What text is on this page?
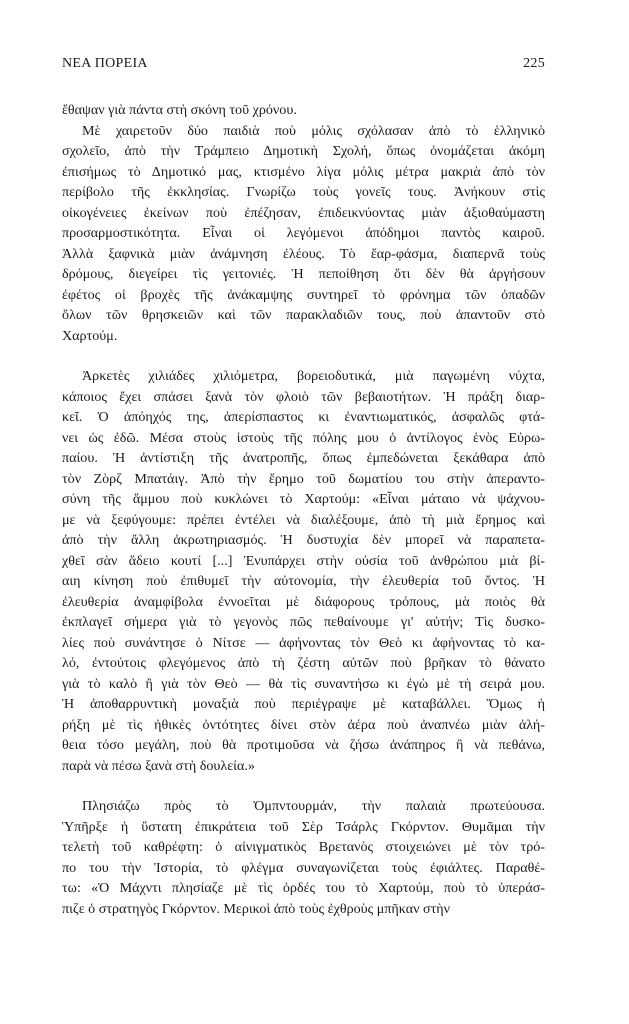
ΝΕΑ ΠΟΡΕΙΑ	225
ἔθαψαν γιὰ πάντα στὴ σκόνη τοῦ χρόνου.
Μὲ χαιρετοῦν δύο παιδιὰ ποὺ μόλις σχόλασαν ἀπὸ τὸ ἑλληνικὸ
σχολεῖο, ἀπὸ τὴν Τράμπειο Δημοτικὴ Σχολή, ὅπως ὀνομάζεται ἀκόμη
ἐπισήμως τὸ Δημοτικό μας, κτισμένο λίγα μόλις μέτρα μακριὰ ἀπὸ τὸν
περίβολο τῆς ἐκκλησίας. Γνωρίζω τοὺς γονεῖς τους. Ἀνήκουν στὶς
οἰκογένειες ἐκείνων ποὺ ἐπέζησαν, ἐπιδεικνύοντας μιὰν ἀξιοθαύμαστη
προσαρμοστικότητα. Εἶναι οἱ λεγόμενοι ἀπόδημοι παντὸς καιροῦ.
Ἀλλὰ ξαφνικὰ μιὰν ἀνάμνηση ἐλέους. Τὸ ἔαρ-φάσμα, διαπερνᾶ τοὺς
δρόμους, διεγείρει τὶς γειτονιές. Ἡ πεποίθηση ὅτι δὲν θὰ ἀργήσουν
ἐφέτος οἱ βροχὲς τῆς ἀνάκαμψης συντηρεῖ τὸ φρόνημα τῶν ὀπαδῶν
ὅλων τῶν θρησκειῶν καὶ τῶν παρακλαδιῶν τους, ποὺ ἀπαντοῦν στὸ
Χαρτούμ.
Ἀρκετὲς χιλιάδες χιλιόμετρα, βορειοδυτικά, μιὰ παγωμένη νύχτα,
κάποιος ἔχει σπάσει ξανὰ τὸν φλοιὸ τῶν βεβαιοτήτων. Ἡ πράξη διαρ-
κεῖ. Ὁ ἀπόηχός της, ἀπερίσπαστος κι ἐναντιωματικός, ἀσφαλῶς φτά-
νει ὡς ἐδῶ. Μέσα στοὺς ἱστοὺς τῆς πόλης μου ὁ ἀντίλογος ἑνὸς Εὐρω-
παίου. Ἡ ἀντίστιξη τῆς ἀνατροπῆς, ὅπως ἐμπεδώνεται ξεκάθαρα ἀπὸ
τὸν Ζὸρζ Μπατάιγ. Ἀπὸ τὴν ἔρημο τοῦ δωματίου του στὴν ἀπεραντο-
σύνη τῆς ἄμμου ποὺ κυκλώνει τὸ Χαρτούμ: «Εἶναι μάταιο νὰ ψάχνου-
με νὰ ξεφύγουμε: πρέπει ἐντέλει νὰ διαλέξουμε, ἀπὸ τὴ μιὰ ἔρημος καὶ
ἀπὸ τὴν ἄλλη ἀκρωτηριασμός. Ἡ δυστυχία δὲν μπορεῖ νὰ παραπετα-
χθεῖ σὰν ἄδειο κουτί [...] Ἐνυπάρχει στὴν οὐσία τοῦ ἀνθρώπου μιὰ βί-
αιη κίνηση ποὺ ἐπιθυμεῖ τὴν αὐτονομία, τὴν ἐλευθερία τοῦ ὄντος. Ἡ
ἐλευθερία ἀναμφίβολα ἐννοεῖται μὲ διάφορους τρόπους, μὰ ποιὸς θὰ
ἐκπλαγεῖ σήμερα γιὰ τὸ γεγονὸς πῶς πεθαίνουμε γι' αὐτήν; Τὶς δυσκο-
λίες ποὺ συνάντησε ὁ Νίτσε — ἀφήνοντας τὸν Θεὸ κι ἀφήνοντας τὸ κα-
λό, ἐντούτοις φλεγόμενος ἀπὸ τὴ ζέστη αὐτῶν ποὺ βρῆκαν τὸ θάνατο
γιὰ τὸ καλὸ ἢ γιὰ τὸν Θεὸ — θὰ τὶς συναντήσω κι ἐγὼ μὲ τὴ σειρά μου.
Ἡ ἀποθαρρυντικὴ μοναξιὰ ποὺ περιέγραψε μὲ καταβάλλει. Ὅμως ἡ
ρήξη μὲ τὶς ἠθικὲς ὀντότητες δίνει στὸν ἀέρα ποὺ ἀναπνέω μιὰν ἀλή-
θεια τόσο μεγάλη, ποὺ θὰ προτιμοῦσα νὰ ζήσω ἀνάπηρος ἢ νὰ πεθάνω,
παρὰ νὰ πέσω ξανὰ στὴ δουλεία.»
Πλησιάζω πρὸς τὸ Ὀμπντουρμάν, τὴν παλαιὰ πρωτεύουσα.
Ὑπῆρξε ἡ ὕστατη ἐπικράτεια τοῦ Σὲρ Τσάρλς Γκόρντον. Θυμᾶμαι τὴν
τελετὴ τοῦ καθρέφτη: ὁ αἰνιγματικὸς Βρετανὸς στοιχειώνει μὲ τὸν τρό-
πο του τὴν Ἱστορία, τὸ φλέγμα συναγωνίζεται τοὺς ἐφιάλτες. Παραθέ-
τω: «Ὁ Μάχντι πλησίαζε μὲ τὶς ὀρδές του τὸ Χαρτούμ, ποὺ τὸ ὑπεράσ-
πιζε ὁ στρατηγὸς Γκόρντον. Μερικοὶ ἀπὸ τοὺς ἐχθροὺς μπῆκαν στὴν
